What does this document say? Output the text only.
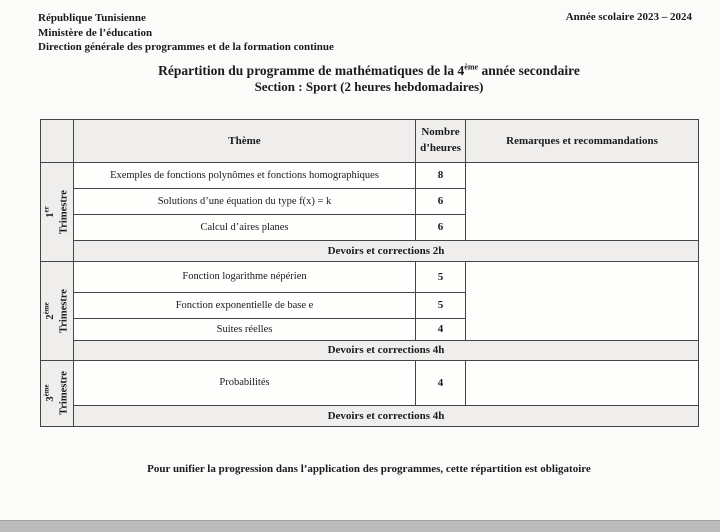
République Tunisienne
Ministère de l’éducation
Direction générale des programmes et de la formation continue
Année scolaire 2023 – 2024
Répartition du programme de mathématiques de la 4ème année secondaire
Section : Sport (2 heures hebdomadaires)
	Thème	Nombre
d’heures	Remarques et recommandations

1er Trimestre	Exemples de fonctions polynômes et fonctions homographiques	8	
	Solutions d’une équation du type f(x) = k	6	
	Calcul d’aires planes	6	
	Devoirs et corrections 2h		

2ème Trimestre	Fonction logarithme népérien	5	
	Fonction exponentielle de base e	5	
	Suites réelles	4	
	Devoirs et corrections 4h		

3ème Trimestre	Probabilités	4	
	Devoirs et corrections 4h		
Pour unifier la progression dans l’application des programmes, cette répartition est obligatoire
